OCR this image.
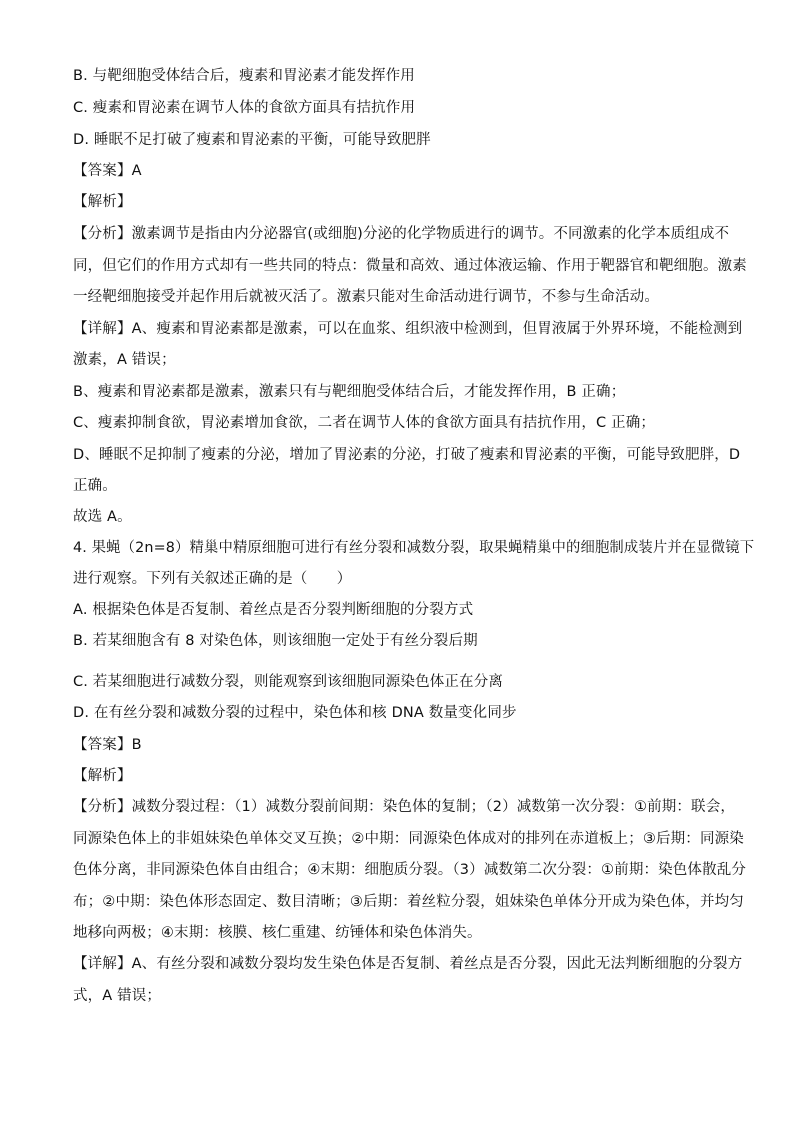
B. 与靶细胞受体结合后，瘦素和胃泌素才能发挥作用
C. 瘦素和胃泌素在调节人体的食欲方面具有拮抗作用
D. 睡眠不足打破了瘦素和胃泌素的平衡，可能导致肥胖
【答案】A
【解析】
【分析】激素调节是指由内分泌器官(或细胞)分泌的化学物质进行的调节。不同激素的化学本质组成不
同，但它们的作用方式却有一些共同的特点：微量和高效、通过体液运输、作用于靶器官和靶细胞。激素
一经靶细胞接受并起作用后就被灭活了。激素只能对生命活动进行调节，不参与生命活动。
【详解】A、瘦素和胃泌素都是激素，可以在血浆、组织液中检测到，但胃液属于外界环境，不能检测到
激素，A 错误；
B、瘦素和胃泌素都是激素，激素只有与靶细胞受体结合后，才能发挥作用，B 正确；
C、瘦素抑制食欲，胃泌素增加食欲，二者在调节人体的食欲方面具有拮抗作用，C 正确；
D、睡眠不足抑制了瘦素的分泌，增加了胃泌素的分泌，打破了瘦素和胃泌素的平衡，可能导致肥胖，D
正确。
故选 A。
4. 果蝇（2n=8）精巢中精原细胞可进行有丝分裂和减数分裂，取果蝇精巢中的细胞制成装片并在显微镜下
进行观察。下列有关叙述正确的是（　　）
A. 根据染色体是否复制、着丝点是否分裂判断细胞的分裂方式
B. 若某细胞含有 8 对染色体，则该细胞一定处于有丝分裂后期
C. 若某细胞进行减数分裂，则能观察到该细胞同源染色体正在分离
D. 在有丝分裂和减数分裂的过程中，染色体和核 DNA 数量变化同步
【答案】B
【解析】
【分析】减数分裂过程：（1）减数分裂前间期：染色体的复制；（2）减数第一次分裂：①前期：联会，
同源染色体上的非姐妹染色单体交叉互换；②中期：同源染色体成对的排列在赤道板上；③后期：同源染
色体分离，非同源染色体自由组合；④末期：细胞质分裂。（3）减数第二次分裂：①前期：染色体散乱分
布；②中期：染色体形态固定、数目清晰；③后期：着丝粒分裂，姐妹染色单体分开成为染色体，并均匀
地移向两极；④末期：核膜、核仁重建、纺锤体和染色体消失。
【详解】A、有丝分裂和减数分裂均发生染色体是否复制、着丝点是否分裂，因此无法判断细胞的分裂方
式，A 错误；
